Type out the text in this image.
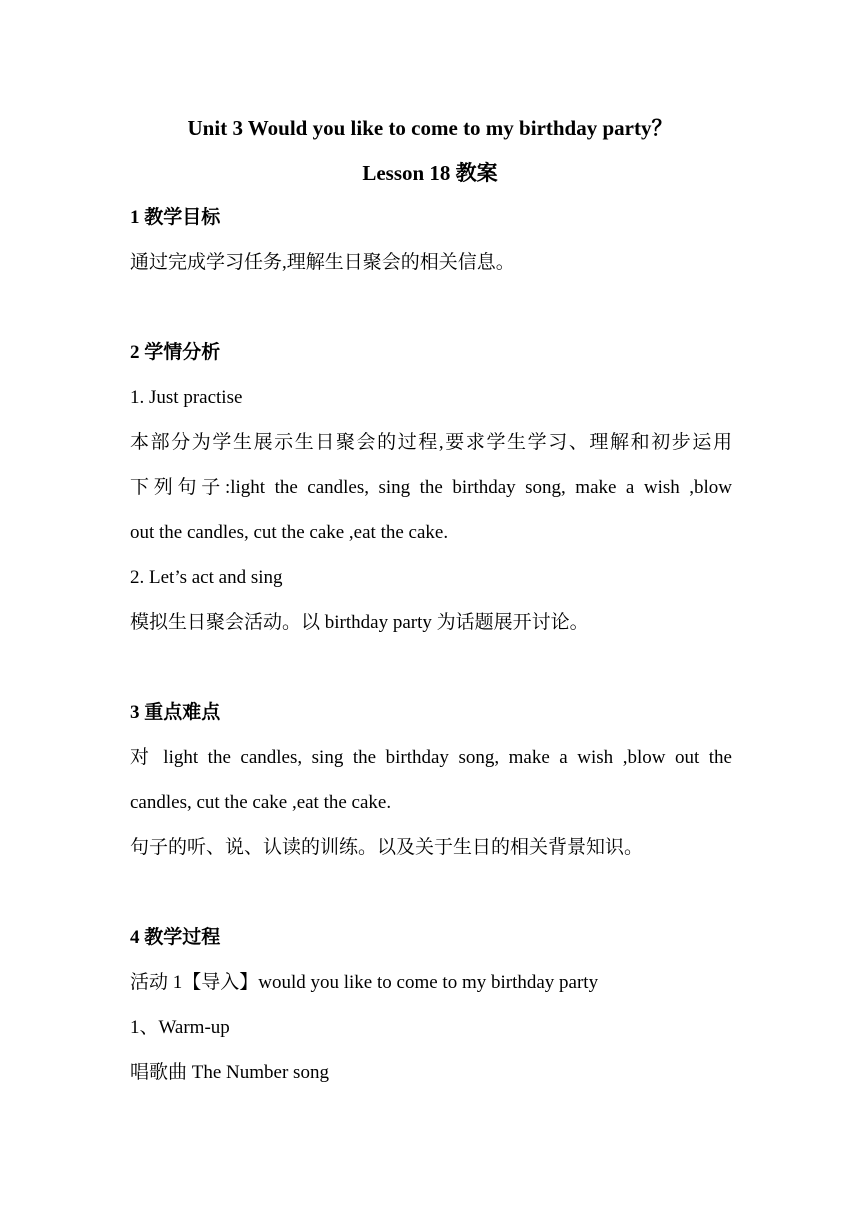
Unit 3 Would you like to come to my birthday party？
Lesson 18 教案
1 教学目标
通过完成学习任务,理解生日聚会的相关信息。
2 学情分析
1. Just practise
本部分为学生展示生日聚会的过程,要求学生学习、理解和初步运用
下列句子:light the candles, sing the birthday song, make a wish ,blow
out the candles, cut the cake ,eat the cake.
2. Let’s act and sing
模拟生日聚会活动。以 birthday party 为话题展开讨论。
3 重点难点
对 light the candles, sing the birthday song, make a wish ,blow out the
candles, cut the cake ,eat the cake.
句子的听、说、认读的训练。以及关于生日的相关背景知识。
4 教学过程
活动 1【导入】would you like to come to my birthday party
1、Warm-up
唱歌曲 The Number song
